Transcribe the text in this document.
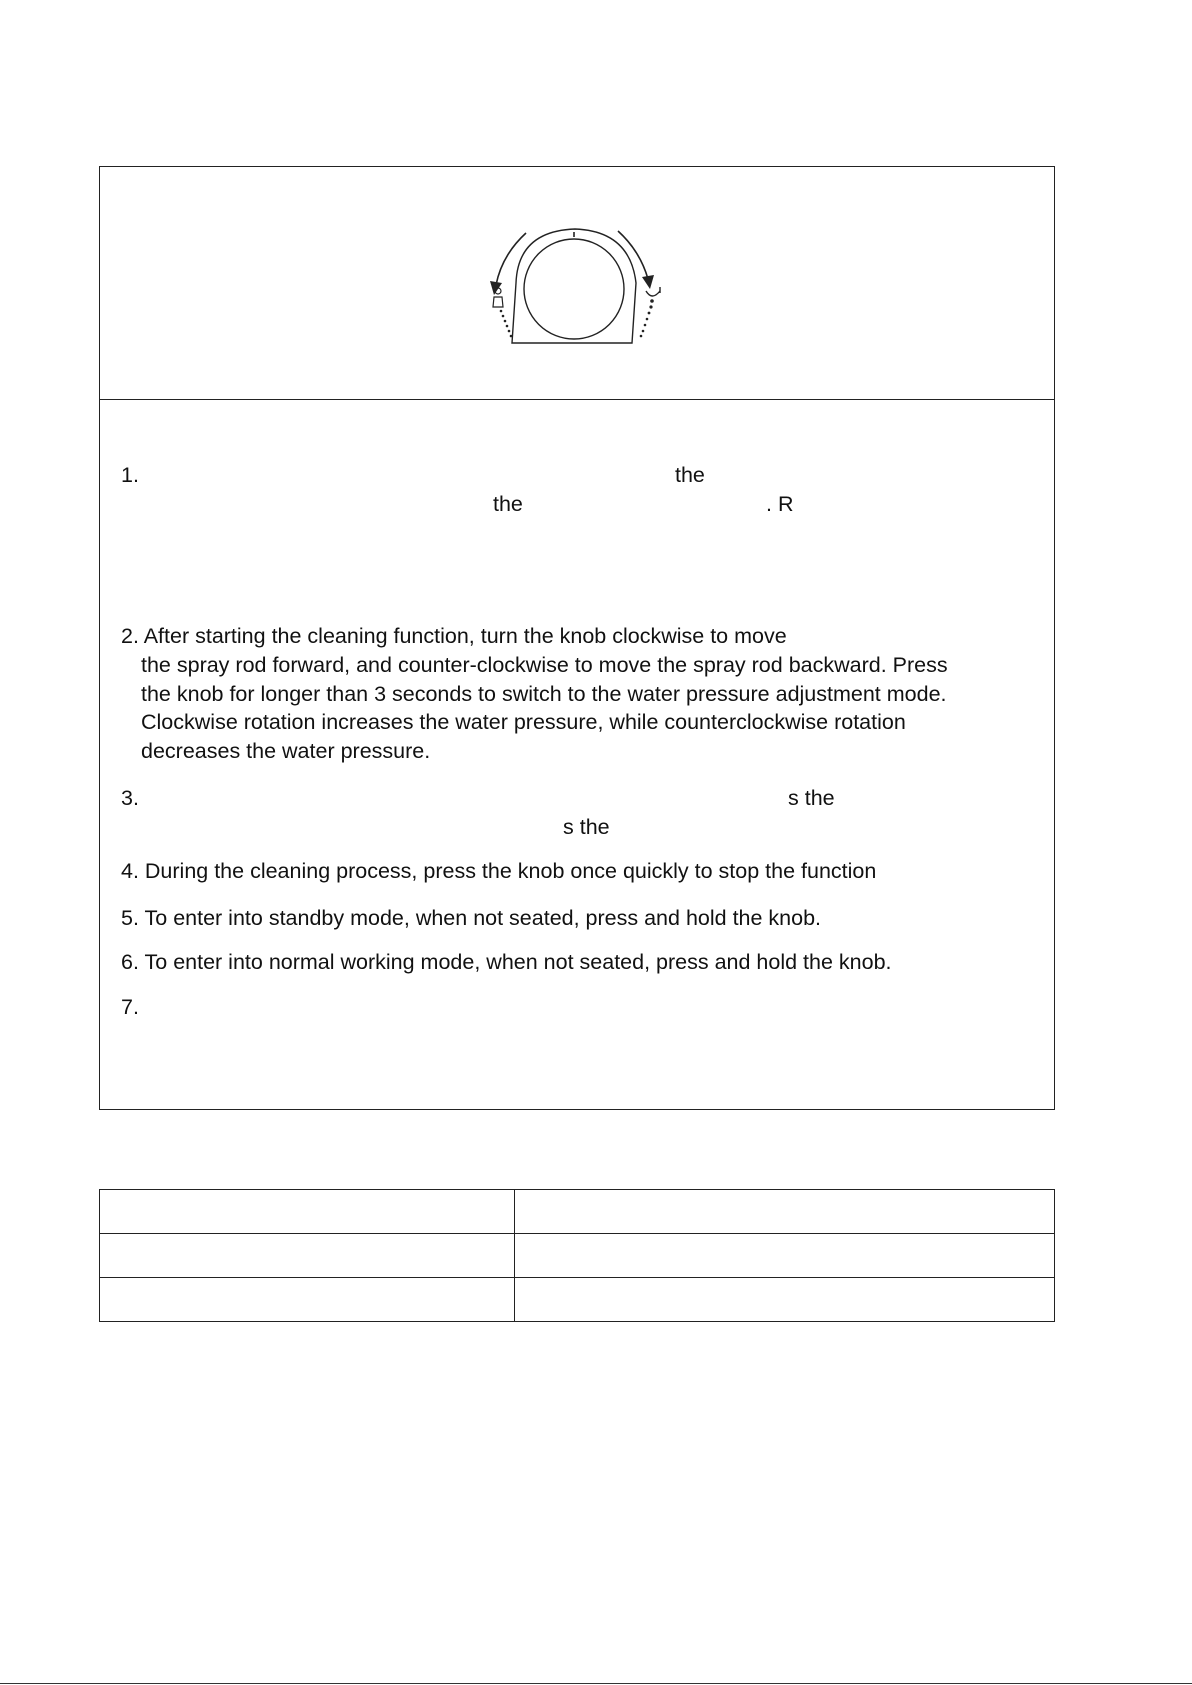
1.	the
the	. R
2. After starting the cleaning function, turn the knob clockwise to move
the spray rod forward, and counter-clockwise to move the spray rod backward. Press
the knob for longer than 3 seconds to switch to the water pressure adjustment mode.
Clockwise rotation increases the water pressure, while counterclockwise rotation
decreases the water pressure.
3.	s the
s the
4. During the cleaning process, press the knob once quickly to stop the function
5. To enter into standby mode, when not seated, press and hold the knob.
6. To enter into normal working mode, when not seated, press and hold the knob.
7.
